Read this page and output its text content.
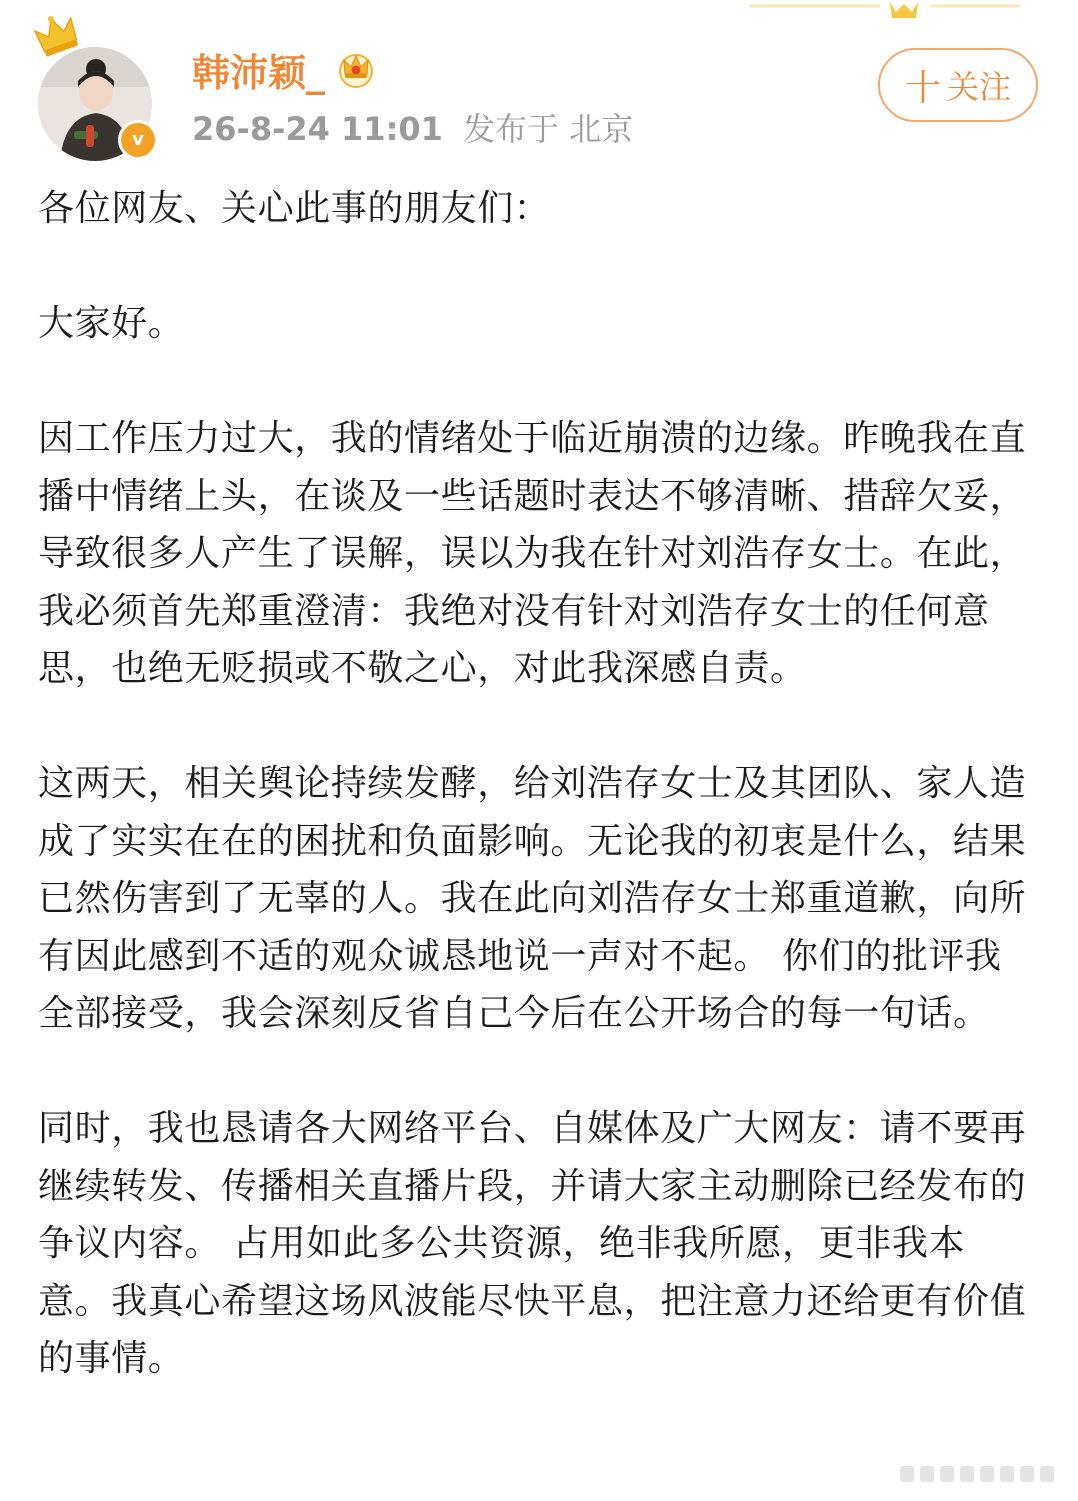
v
韩沛颖_
26-8-24 11:01 发布于 北京
十 关注

各位网友、关心此事的朋友们：

大家好。

因工作压力过大，我的情绪处于临近崩溃的边缘。昨晚我在直播中情绪上头，在谈及一些话题时表达不够清晰、措辞欠妥，导致很多人产生了误解，误以为我在针对刘浩存女士。在此，我必须首先郑重澄清：我绝对没有针对刘浩存女士的任何意思，也绝无贬损或不敬之心，对此我深感自责。

这两天，相关舆论持续发酵，给刘浩存女士及其团队、家人造成了实实在在的困扰和负面影响。无论我的初衷是什么，结果已然伤害到了无辜的人。我在此向刘浩存女士郑重道歉，向所有因此感到不适的观众诚恳地说一声对不起。 你们的批评我全部接受，我会深刻反省自己今后在公开场合的每一句话。

同时，我也恳请各大网络平台、自媒体及广大网友：请不要再继续转发、传播相关直播片段，并请大家主动删除已经发布的争议内容。 占用如此多公共资源，绝非我所愿，更非我本意。我真心希望这场风波能尽快平息，把注意力还给更有价值的事情。
